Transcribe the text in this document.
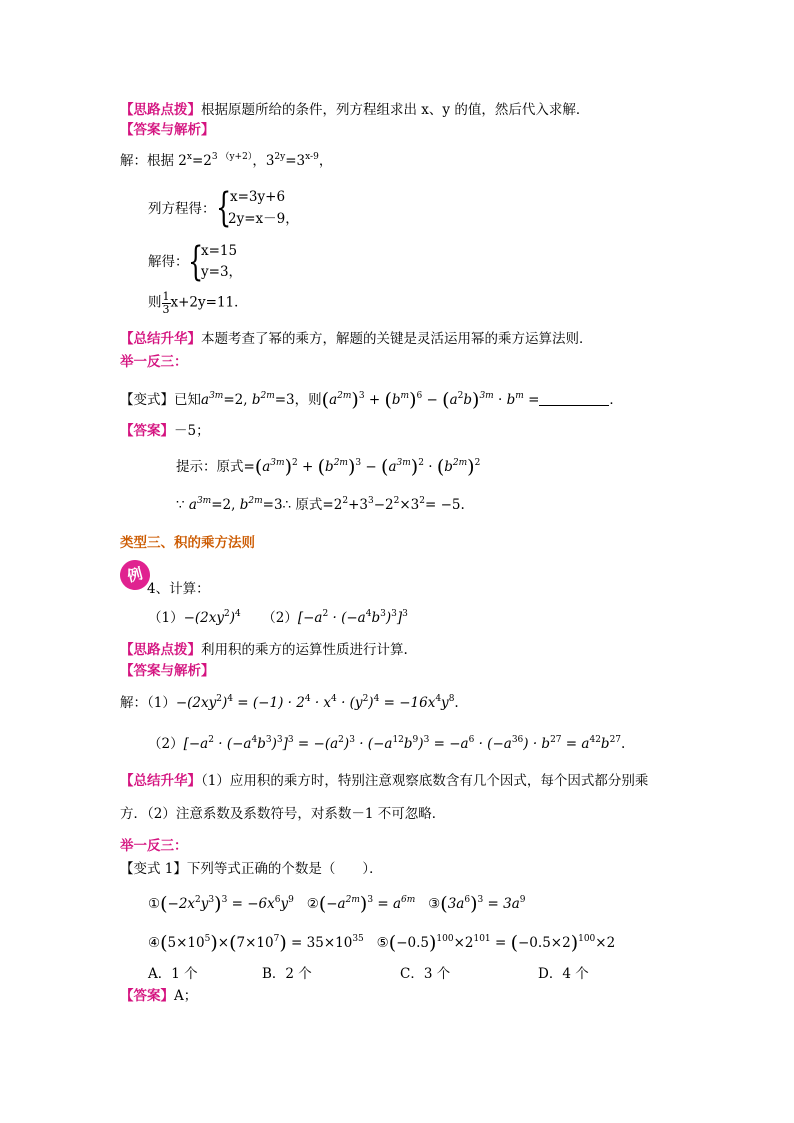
【思路点拨】根据原题所给的条件，列方程组求出 x、y 的值，然后代入求解．
【答案与解析】
解：根据 $2^x=2^{3 (y+2)}$，$3^{2y}=3^{x-9}$，
列方程得： {
x=3y+6
2y=x－9，
解得： {
x=15
y=3，
则 $\frac{1}{3} x+2y=11$．
【总结升华】本题考查了幂的乘方，解题的关键是灵活运用幂的乘方运算法则．
举一反三：
【变式】已知$a^{3m}=2$, $b^{2m}=3$，则$(a^{2m})^3 + (b^m)^6 - (a^2b)^{3m} \cdot b^m$ =	．
【答案】－5；
提示：原式$=(a^{3m})^2 + (b^{2m})^3 - (a^{3m})^2 \cdot (b^{2m})^2$
∵ $a^{3m}=2$, $b^{2m}=3\therefore$ 原式$=2^2+3^3-2^2\times 3^2= -5$.
类型三、积的乘方法则
例
4、计算：
$(1)-(2xy^2)^4$ $(2)[-a^2 \cdot (-a^4b^3)^3]^3$
【思路点拨】利用积的乘方的运算性质进行计算.
【答案与解析】
解：$(1)-(2xy^2)^4 = (-1) \cdot 2^4 \cdot x^4 \cdot (y^2)^4 = -16x^4y^8$.
$(2)[-a^2 \cdot (-a^4b^3)^3]^3 = -(a^2)^3 \cdot (-a^{12}b^9)^3 = -a^6 \cdot (-a^{36}) \cdot b^{27} = a^{42}b^{27}$.
【总结升华】（1）应用积的乘方时，特别注意观察底数含有几个因式，每个因式都分别乘
方．（2）注意系数及系数符号，对系数－1 不可忽略．
举一反三：
【变式 1】下列等式正确的个数是（　　）．
$①(-2x^2y^3)^3 = -6x^6y^9$ $②(-a^{2m})^3 = a^{6m}$ $③(3a^6)^3 = 3a^9$
$④(5\times 10^5)\times(7\times 10^7) = 35\times 10^{35}$ $⑤(-0.5)^{100}\times 2^{101} = (-0.5\times 2)^{100}\times 2$
A．1 个	B．2 个	C．3 个	D．4 个
【答案】A；
